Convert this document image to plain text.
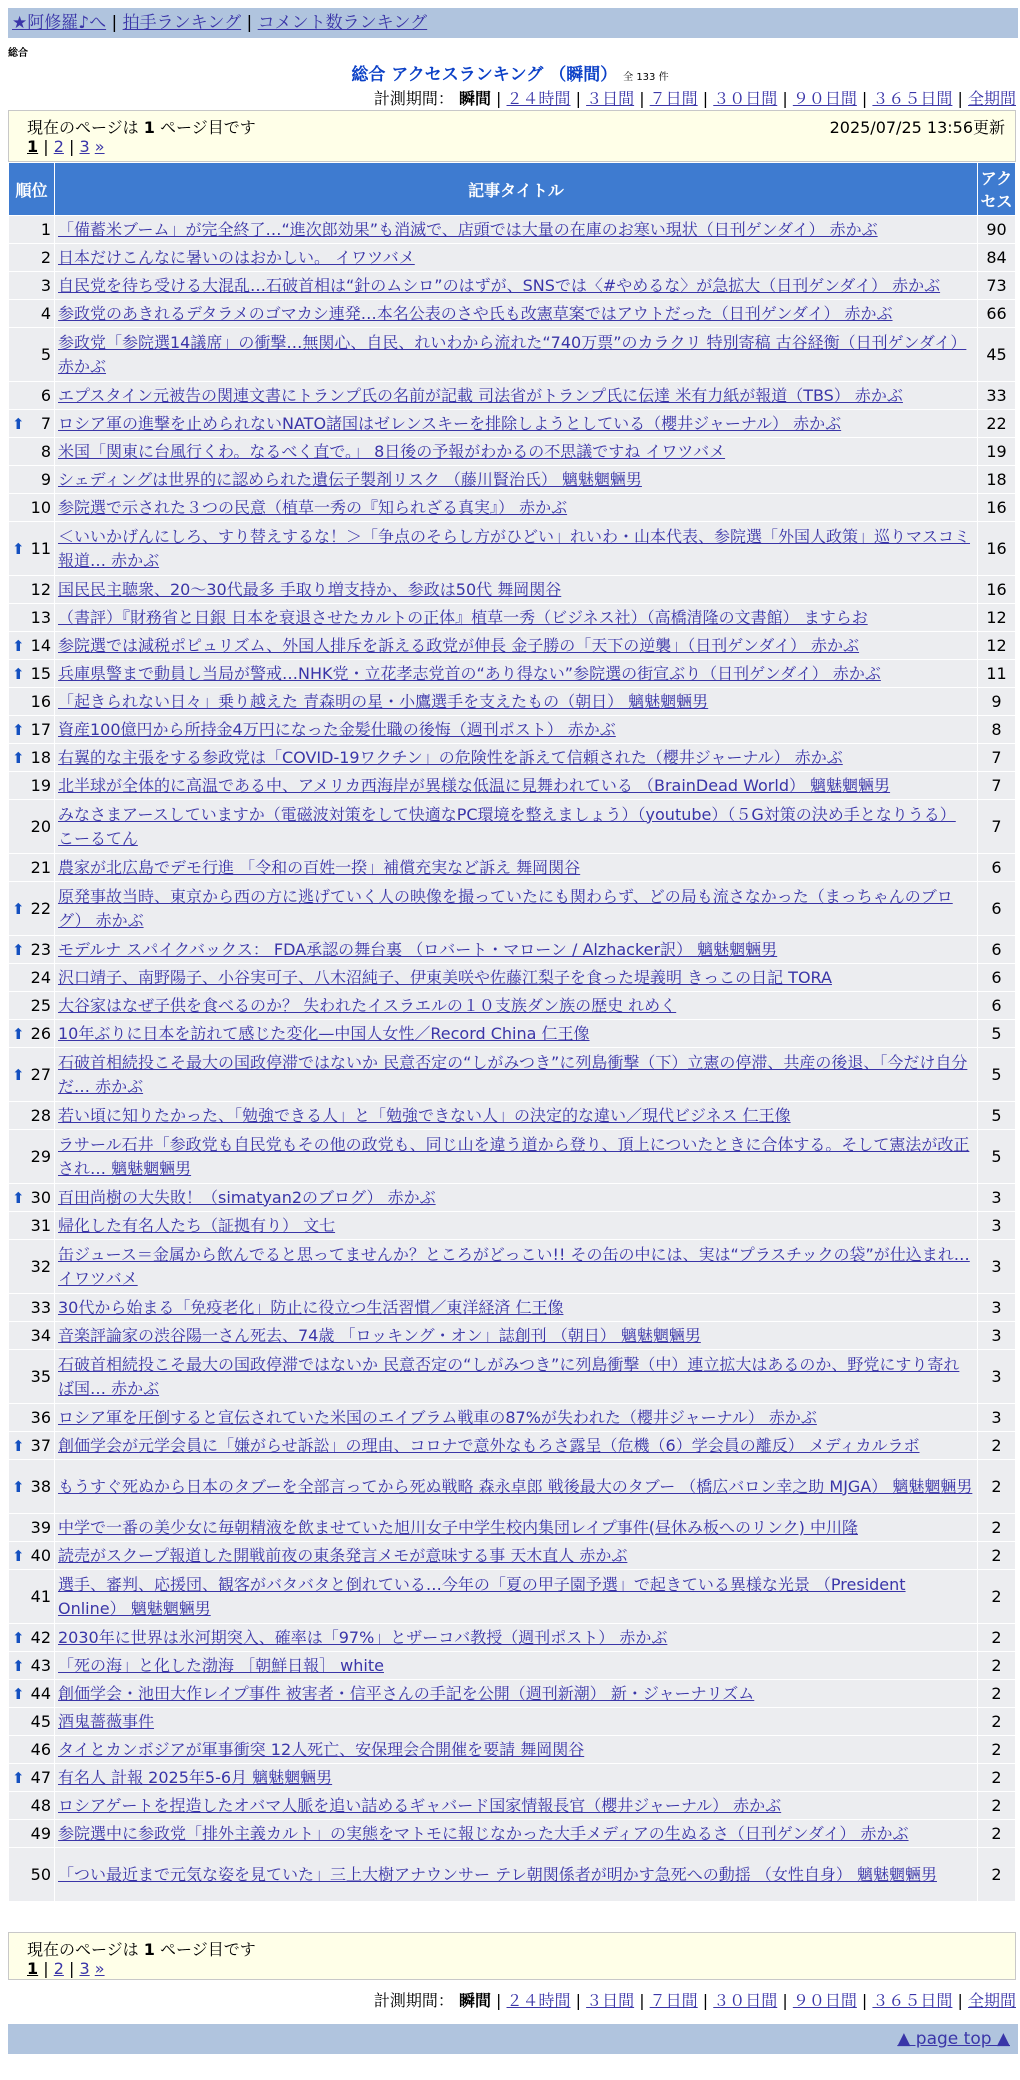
★阿修羅♪へ | 拍手ランキング | コメント数ランキング
総合
総合 アクセスランキング （瞬間） 全 133 件
計測期間： 瞬間 | ２４時間 | ３日間 | ７日間 | ３０日間 | ９０日間 | ３６５日間 | 全期間
現在のページは 1 ページ目です	2025/07/25 13:56更新
1 | 2 | 3 »
順位	記事タイトル	アクセス
1	「備蓄米ブーム」が完全終了…“進次郎効果”も消滅で、店頭では大量の在庫のお寒い現状（日刊ゲンダイ） 赤かぶ	90
2	日本だけこんなに暑いのはおかしい。 イワツバメ	84
3	自民党を待ち受ける大混乱…石破首相は“針のムシロ”のはずが、SNSでは〈#やめるな〉が急拡大（日刊ゲンダイ） 赤かぶ	73
4	参政党のあきれるデタラメのゴマカシ連発…本名公表のさや氏も改憲草案ではアウトだった（日刊ゲンダイ） 赤かぶ	66
5	参政党「参院選14議席」の衝撃…無関心、自民、れいわから流れた“740万票”のカラクリ 特別寄稿 古谷経衡（日刊ゲンダイ） 赤かぶ	45
6	エプスタイン元被告の関連文書にトランプ氏の名前が記載 司法省がトランプ氏に伝達 米有力紙が報道（TBS） 赤かぶ	33

⬆ 7	ロシア軍の進撃を止められないNATO諸国はゼレンスキーを排除しようとしている（櫻井ジャーナル） 赤かぶ	22
8	米国「関東に台風行くわ。なるべく直で。」 8日後の予報がわかるの不思議ですね イワツバメ	19
9	シェディングは世界的に認められた遺伝子製剤リスク （藤川賢治氏） 魑魅魍魎男	18
10	参院選で示された３つの民意（植草一秀の『知られざる真実』） 赤かぶ	16

⬆ 11	＜いいかげんにしろ、すり替えするな！＞「争点のそらし方がひどい」れいわ・山本代表、参院選「外国人政策」巡りマスコミ報道… 赤かぶ	16
12	国民民主聴衆、20～30代最多 手取り増支持か、参政は50代 舞岡関谷	16
13	（書評）『財務省と日銀 日本を衰退させたカルトの正体』植草一秀（ビジネス社）（高橋清隆の文書館） ますらお	12

⬆ 14	参院選では減税ポピュリズム、外国人排斥を訴える政党が伸長 金子勝の「天下の逆襲」（日刊ゲンダイ） 赤かぶ	12

⬆ 15	兵庫県警まで動員し当局が警戒…NHK党・立花孝志党首の“あり得ない”参院選の街宣ぶり（日刊ゲンダイ） 赤かぶ	11
16	「起きられない日々」乗り越えた 青森明の星・小鷹選手を支えたもの（朝日） 魑魅魍魎男	9

⬆ 17	資産100億円から所持金4万円になった金髪仕職の後悔（週刊ポスト） 赤かぶ	8

⬆ 18	右翼的な主張をする参政党は「COVID-19ワクチン」の危険性を訴えて信頼された（櫻井ジャーナル） 赤かぶ	7
19	北半球が全体的に高温である中、アメリカ西海岸が異様な低温に見舞われている （BrainDead World） 魑魅魍魎男	7
20	みなさまアースしていますか（電磁波対策をして快適なPC環境を整えましょう）（youtube）（５G対策の決め手となりうる） こーるてん	7
21	農家が北広島でデモ行進 「令和の百姓一揆」補償充実など訴え 舞岡関谷	6

⬆ 22	原発事故当時、東京から西の方に逃げていく人の映像を撮っていたにも関わらず、どの局も流さなかった（まっちゃんのブログ） 赤かぶ	6

⬆ 23	モデルナ スパイクバックス： FDA承認の舞台裏 （ロバート・マローン / Alzhacker訳） 魑魅魍魎男	6
24	沢口靖子、南野陽子、小谷実可子、八木沼純子、伊東美咲や佐藤江梨子を食った堤義明 きっこの日記 TORA	6
25	大谷家はなぜ子供を食べるのか？ 失われたイスラエルの１０支族ダン族の歴史 れめく	6

⬆ 26	10年ぶりに日本を訪れて感じた変化—中国人女性／Record China 仁王像	5

⬆ 27	石破首相続投こそ最大の国政停滞ではないか 民意否定の“しがみつき”に列島衝撃（下）立憲の停滞、共産の後退、「今だけ自分だ… 赤かぶ	5
28	若い頃に知りたかった、「勉強できる人」と「勉強できない人」の決定的な違い／現代ビジネス 仁王像	5
29	ラサール石井「参政党も自民党もその他の政党も、同じ山を違う道から登り、頂上についたときに合体する。そして憲法が改正され… 魑魅魍魎男	5

⬆ 30	百田尚樹の大失敗！（simatyan2のブログ） 赤かぶ	3
31	帰化した有名人たち（証拠有り） 文七	3
32	缶ジュース＝金属から飲んでると思ってませんか？ところがどっこい!! その缶の中には、実は“プラスチックの袋”が仕込まれ… イワツバメ	3
33	30代から始まる「免疫老化」防止に役立つ生活習慣／東洋経済 仁王像	3
34	音楽評論家の渋谷陽一さん死去、74歳 「ロッキング・オン」誌創刊 （朝日） 魑魅魍魎男	3
35	石破首相続投こそ最大の国政停滞ではないか 民意否定の“しがみつき”に列島衝撃（中）連立拡大はあるのか、野党にすり寄れば国… 赤かぶ	3
36	ロシア軍を圧倒すると宣伝されていた米国のエイブラム戦車の87%が失われた（櫻井ジャーナル） 赤かぶ	3

⬆ 37	創価学会が元学会員に「嫌がらせ訴訟」の理由、コロナで意外なもろさ露呈（危機（6）学会員の離反） メディカルラボ	2

⬆ 38	もうすぐ死ぬから日本のタブーを全部言ってから死ぬ戦略 森永卓郎 戦後最大のタブー （橋広バロン幸之助 MJGA） 魑魅魍魎男	2
39	中学で一番の美少女に毎朝精液を飲ませていた旭川女子中学生校内集団レイプ事件(昼休み板へのリンク) 中川隆	2

⬆ 40	読売がスクープ報道した開戦前夜の東条発言メモが意味する事 天木直人 赤かぶ	2
41	選手、審判、応援団、観客がバタバタと倒れている…今年の「夏の甲子園予選」で起きている異様な光景 （President Online） 魑魅魍魎男	2

⬆ 42	2030年に世界は氷河期突入、確率は「97%」とザーコバ教授（週刊ポスト） 赤かぶ	2

⬆ 43	「死の海」と化した渤海 ［朝鮮日報］ white	2

⬆ 44	創価学会・池田大作レイプ事件 被害者・信平さんの手記を公開（週刊新潮） 新・ジャーナリズム	2
45	酒鬼薔薇事件	2
46	タイとカンボジアが軍事衝突 12人死亡、安保理会合開催を要請 舞岡関谷	2

⬆ 47	有名人 計報 2025年5-6月 魑魅魍魎男	2
48	ロシアゲートを捏造したオバマ人脈を追い詰めるギャバード国家情報長官（櫻井ジャーナル） 赤かぶ	2
49	参院選中に参政党「排外主義カルト」の実態をマトモに報じなかった大手メディアの生ぬるさ（日刊ゲンダイ） 赤かぶ	2
50	「つい最近まで元気な姿を見ていた」三上大樹アナウンサー テレ朝関係者が明かす急死への動揺 （女性自身） 魑魅魍魎男	2
現在のページは 1 ページ目です
1 | 2 | 3 »
計測期間： 瞬間 | ２４時間 | ３日間 | ７日間 | ３０日間 | ９０日間 | ３６５日間 | 全期間
▲ page top ▲
